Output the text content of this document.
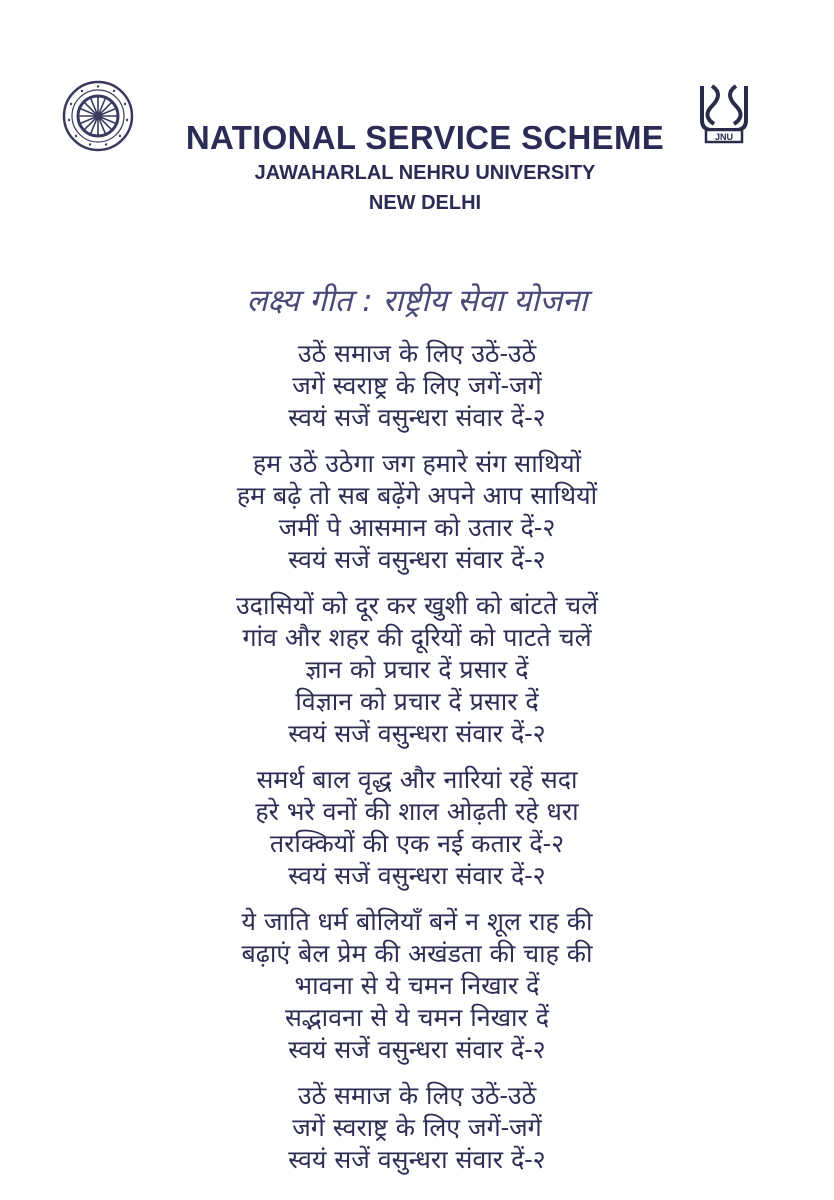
JNU

NATIONAL SERVICE SCHEME

JAWAHARLAL NEHRU UNIVERSITY

NEW DELHI

लक्ष्य गीत : राष्ट्रीय सेवा योजना
उठें समाज के लिए उठें-उठें
जगें स्वराष्ट्र के लिए जगें-जगें
स्वयं सजें वसुन्धरा संवार दें-२
हम उठें उठेगा जग हमारे संग साथियों
हम बढ़े तो सब बढ़ेंगे अपने आप साथियों
जमीं पे आसमान को उतार दें-२
स्वयं सजें वसुन्धरा संवार दें-२
उदासियों को दूर कर खुशी को बांटते चलें
गांव और शहर की दूरियों को पाटते चलें
ज्ञान को प्रचार दें प्रसार दें
विज्ञान को प्रचार दें प्रसार दें
स्वयं सजें वसुन्धरा संवार दें-२
समर्थ बाल वृद्ध और नारियां रहें सदा
हरे भरे वनों की शाल ओढ़ती रहे धरा
तरक्कियों की एक नई कतार दें-२
स्वयं सजें वसुन्धरा संवार दें-२
ये जाति धर्म बोलियाँ बनें न शूल राह की
बढ़ाएं बेल प्रेम की अखंडता की चाह की
भावना से ये चमन निखार दें
सद्भावना से ये चमन निखार दें
स्वयं सजें वसुन्धरा संवार दें-२
उठें समाज के लिए उठें-उठें
जगें स्वराष्ट्र के लिए जगें-जगें
स्वयं सजें वसुन्धरा संवार दें-२
